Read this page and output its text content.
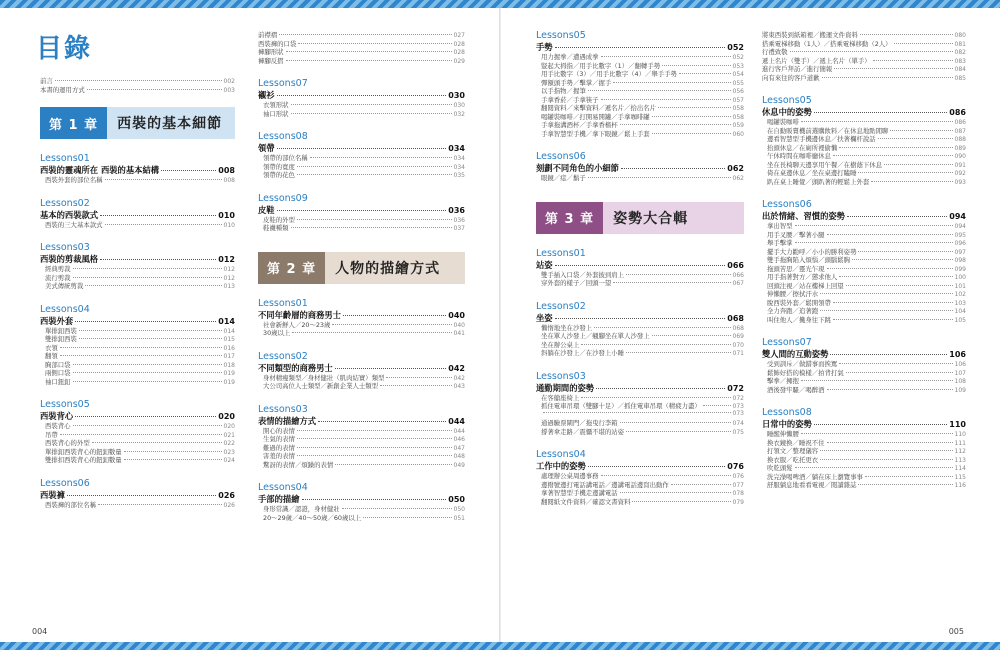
目錄
前言	002
本書的運用方式	003
第 1 章	西裝的基本細節
Lessons01
西裝的靈魂所在 西裝的基本結構	008
西裝外套的部位名稱	008
Lessons02
基本的西裝款式	010
西裝的三大基本款式	010
Lessons03
西裝的剪裁風格	012
經典剪裁	012
流行剪裁	012
美式傳統剪裁	013
Lessons04
西裝外套	014
單排釦西裝	014
雙排釦西裝	015
衣領	016
翻領	017
胸部口袋	018
兩側口袋	019
袖口鈕釦	019
Lessons05
西裝背心	020
西裝背心	020
吊帶	021
西裝背心的外型	022
單排釦西裝背心的鈕釦數量	023
雙排扣西裝背心的鈕釦數量	024
Lessons06
西裝褲	026
西裝褲的部位名稱	026
前襟褶	027
西裝褲的口袋	028
褲腳形狀	028
褲腳反摺	029
Lessons07
襯衫	030
衣領形狀	030
袖口形狀	032
Lessons08
領帶	034
領帶的部位名稱	034
領帶的寬度	034
領帶的花色	035
Lessons09
皮鞋	036
皮鞋的外型	036
鞋襪種類	037
第 2 章	人物的描繪方式
Lessons01
不同年齡層的商務男士	040
社會新鮮人／20～23歲	040
30歲以上	041
Lessons02
不同類型的商務男士	042
身材精瘦類型／身材健壯（肌肉結實）類型	042
大公司高位人士類型／新創企業人士類型	043
Lessons03
表情的描繪方式	044
開心的表情	044
生氣的表情	046
難過的表情	047
害羞的表情	048
驚訝的表情／煩躁的表情	049
Lessons04
手部的描繪	050
身形常識／認證，身材健壯	050
20～29歲／40～50歲／60歲以上	051
Lessons05
手勢	052
用力握拳／遭遇成拳	052
豎起大拇指／用手比數字（1）／翻轉手勢	053
用手比數字（3）／用手比數字（4）／舉手手勢	054
彈額頭手勢／擊掌／握手	055
以手指物／握筆	056
手拿香菸／手拿筷子	057
翻閱資料／來擊資料／遞名片／拾出名片	058
喝罐裝咖啡／打開易開罐／手拿咖啡罐	058
手拿拖溝酒杯／手拿香檳杯	059
手拿智慧型手機／拿下眼鏡／鬆上手套	060
Lessons06
刻劃不同角色的小細節	062
眼鏡／痣／鬍子	062
第 3 章	姿勢大合輯
Lessons01
站姿	066
雙手插入口袋／外套披到肩上	066
穿外套的樣子／回頭一望	067
Lessons02
坐姿	068
懶惰地坐在沙發上	068
坐在單人沙發上／翹腳坐在單人沙發上	069
坐在辦公桌上	070
斜躺在沙發上／在沙發上小睡	071
Lessons03
通勤期間的姿勢	072
在客艙座椅上	072
抓住電車吊環（雙腳十足）／抓住電車吊環（精疲力盡）	073
073
通過驗票閘門／拖曳行李箱	074
撐著傘走路／震懾不堪的站姿	075
Lessons04
工作中的姿勢	076
處理辦公桌周邊事務	076
邊撥號邊打電話講電話／邊講電話邊寫出動作	077
拿著智慧型手機走邊講電話	078
翻閱紙文件資料／確認文書資料	079
將東西裝到紙箱裡／搬運文件資料	080
搭乘電梯移動（1人）／搭乘電梯移動（2人）	081
行禮致敬	082
遞上名片（雙手）／遞上名片（單手）	083
進行客戶拜訪／進行簡報	084
向有來往的客戶道歉	085
Lessons05
休息中的姿勢	086
喝罐裝咖啡	086
在自動販賣機前選購飲料／在休息地點閒聊	087
邊看智慧型手機邊休息／扶著欄杆說話	088
抬頭休息／在廁所裡偷懶	089
午休時間在咖啡廳休息	090
坐在長椅聊天邊享用午餐／在樹蔭下休息	091
倚在桌邊休息／坐在桌邊打瞌睡	092
趴在桌上睡覺／頭趴著的輕鬆上外套	093
Lessons06
出於情緒、習慣的姿勢	094
拿出智型	094
用手叉腰／擊著小腿	095
舉手擊掌	096
擺手大力勸呼／小小的勝利姿勢	097
雙手拖胸陷入煩惱／頭腦鬆胸	098
拖頭苦思／靈光乍現	099
用手指著對方／懲求他人	100
回頭注視／站在樓梯上回望	101
伸懶腰／擦拭汗水	102
脫西裝外套／鬆開領帶	103
全力奔跑／追著跑	104
叫住他人／攙身往下跳	105
Lessons07
雙人間的互動姿勢	106
受到訓斥／做錯事而挨罵	106
鬆飾好搭的模樣／拍背打氣	107
擊拳／擁抱	108
酒後發牢騷／喝醉酒	109
Lessons08
日常中的姿勢	110
睡醒伸懶腰	110
換衣鏡換／睡祝不住	111
打領文／整理儀容	112
換衣服／吃托更衣	113
吹乾頭髮	114
洗完澡喝啤酒／躺在床上瀏覽事事	115
舒服躺息地看看電視／閱讀雜誌	116
004	005
